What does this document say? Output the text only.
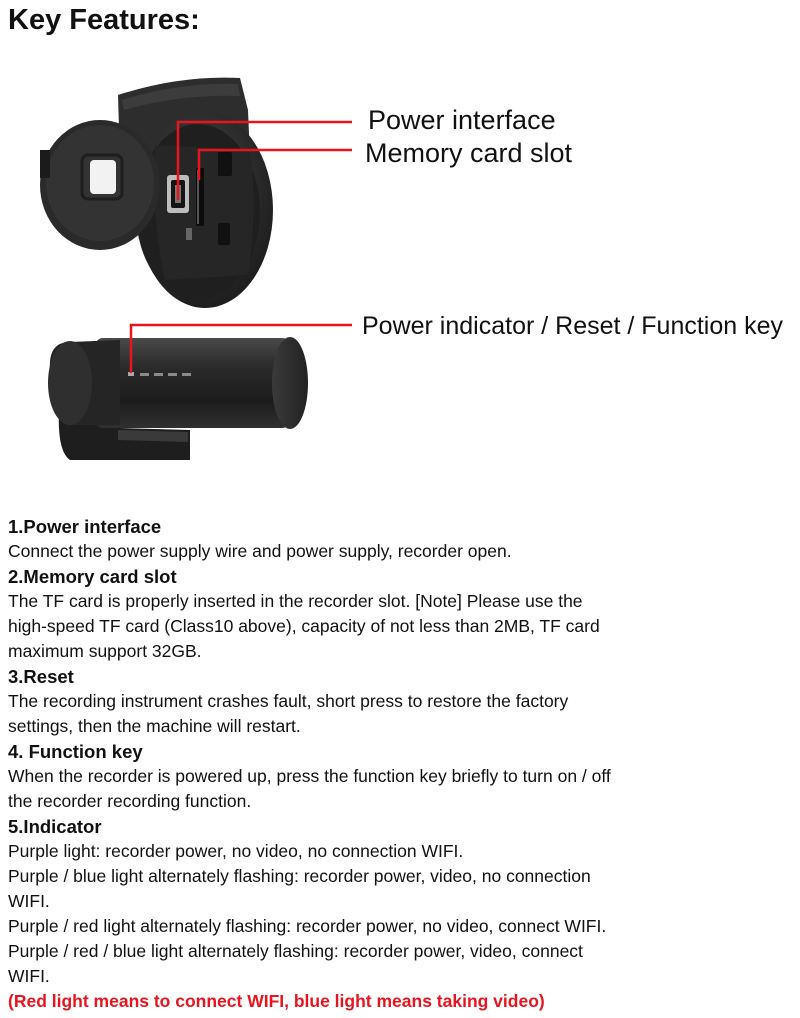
Key Features:
Power interface
Memory card slot
Power indicator / Reset / Function key
1.Power interface

Connect the power supply wire and power supply, recorder open.

2.Memory card slot

The TF card is properly inserted in the recorder slot. [Note] Please use the

high-speed TF card (Class10 above), capacity of not less than 2MB, TF card

maximum support 32GB.

3.Reset

The recording instrument crashes fault, short press to restore the factory

settings, then the machine will restart.

4. Function key

When the recorder is powered up, press the function key briefly to turn on / off

the recorder recording function.

5.Indicator

Purple light: recorder power, no video, no connection WIFI.

Purple / blue light alternately flashing: recorder power, video, no connection

WIFI.

Purple / red light alternately flashing: recorder power, no video, connect WIFI.

Purple / red / blue light alternately flashing: recorder power, video, connect

WIFI.

(Red light means to connect WIFI, blue light means taking video)
